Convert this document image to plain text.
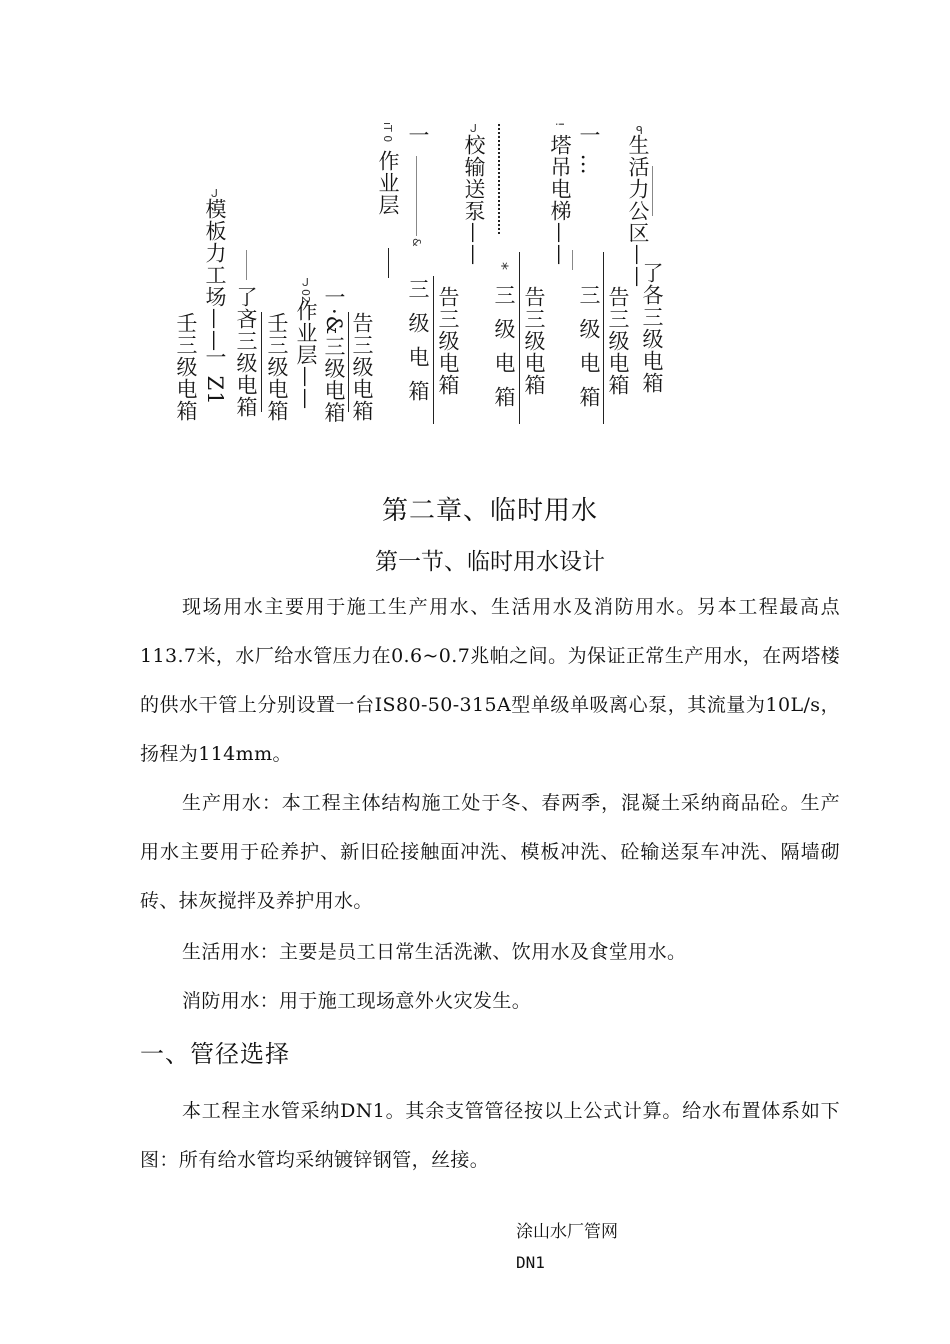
壬三级电箱 一 Z1
ᒍ
模板力工场—— 了吝三级电箱 壬三级电箱
ᒍ02
作业层—— 一·&三级电箱 告三级电箱
ıT 0
作业层
一
&
三级电箱 告三级电箱
ᒍ
校输送泵—— *
三级电箱 告三级电箱
!
塔吊电梯—— 一 …
三级电箱 告三级电箱
ᑫ
生活力公区——
了各三级电箱
第二章、临时用水
第一节、临时用水设计

现场用水主要用于施工生产用水、生活用水及消防用水。另本工程最高点113.7米，水厂给水管压力在0.6~0.7兆帕之间。为保证正常生产用水，在两塔楼的供水干管上分别设置一台IS80-50-315A型单级单吸离心泵，其流量为10L/s，扬程为114mm。

生产用水：本工程主体结构施工处于冬、春两季，混凝土采纳商品砼。生产用水主要用于砼养护、新旧砼接触面冲洗、模板冲洗、砼输送泵车冲洗、隔墙砌砖、抹灰搅拌及养护用水。

生活用水：主要是员工日常生活洗漱、饮用水及食堂用水。

消防用水：用于施工现场意外火灾发生。

一、管径选择

本工程主水管采纳DN1。其余支管管径按以上公式计算。给水布置体系如下图：所有给水管均采纳镀锌钢管，丝接。

涂山水厂管网
DN1
